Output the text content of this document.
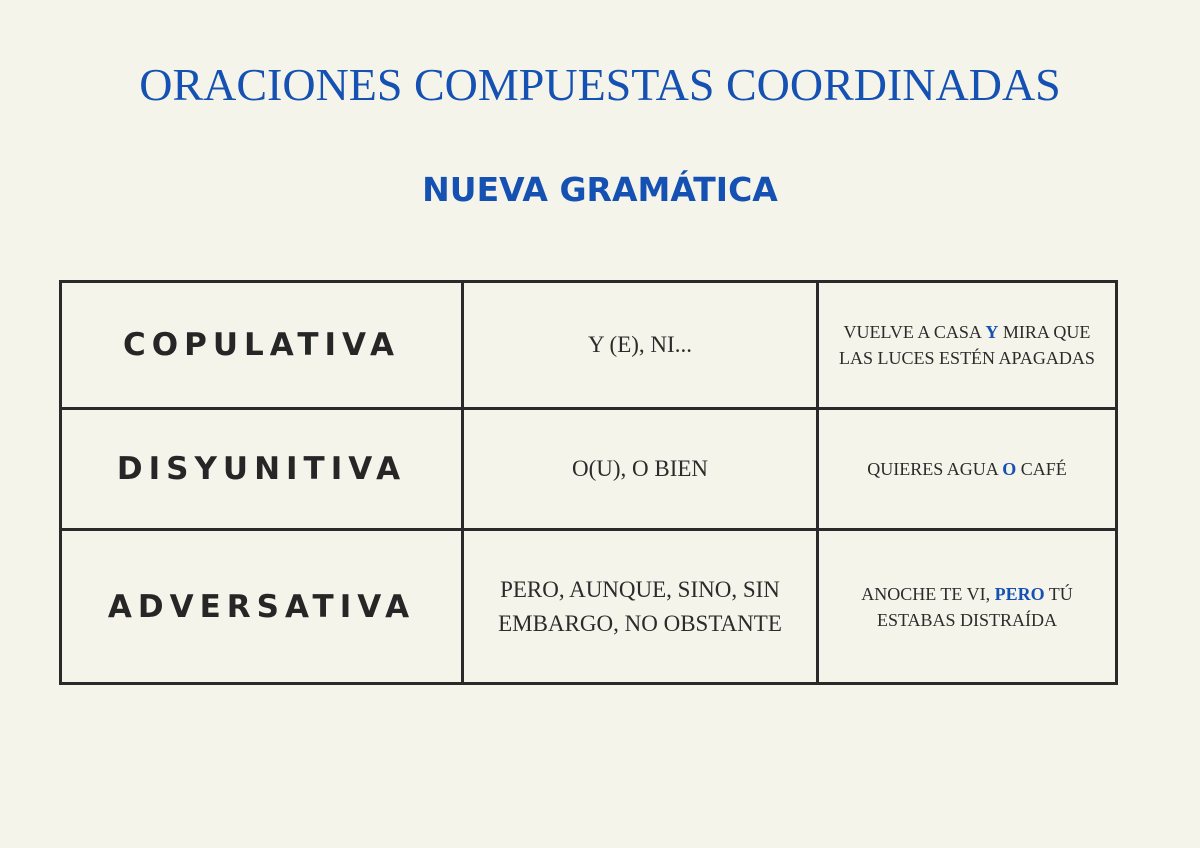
ORACIONES COMPUESTAS COORDINADAS
NUEVA GRAMÁTICA
COPULATIVA	Y (E), NI...	VUELVE A CASA Y MIRA QUE LAS LUCES ESTÉN APAGADAS
DISYUNITIVA	O(U), O BIEN	QUIERES AGUA O CAFÉ
ADVERSATIVA	PERO, AUNQUE, SINO, SIN EMBARGO, NO OBSTANTE	ANOCHE TE VI, PERO TÚ ESTABAS DISTRAÍDA
